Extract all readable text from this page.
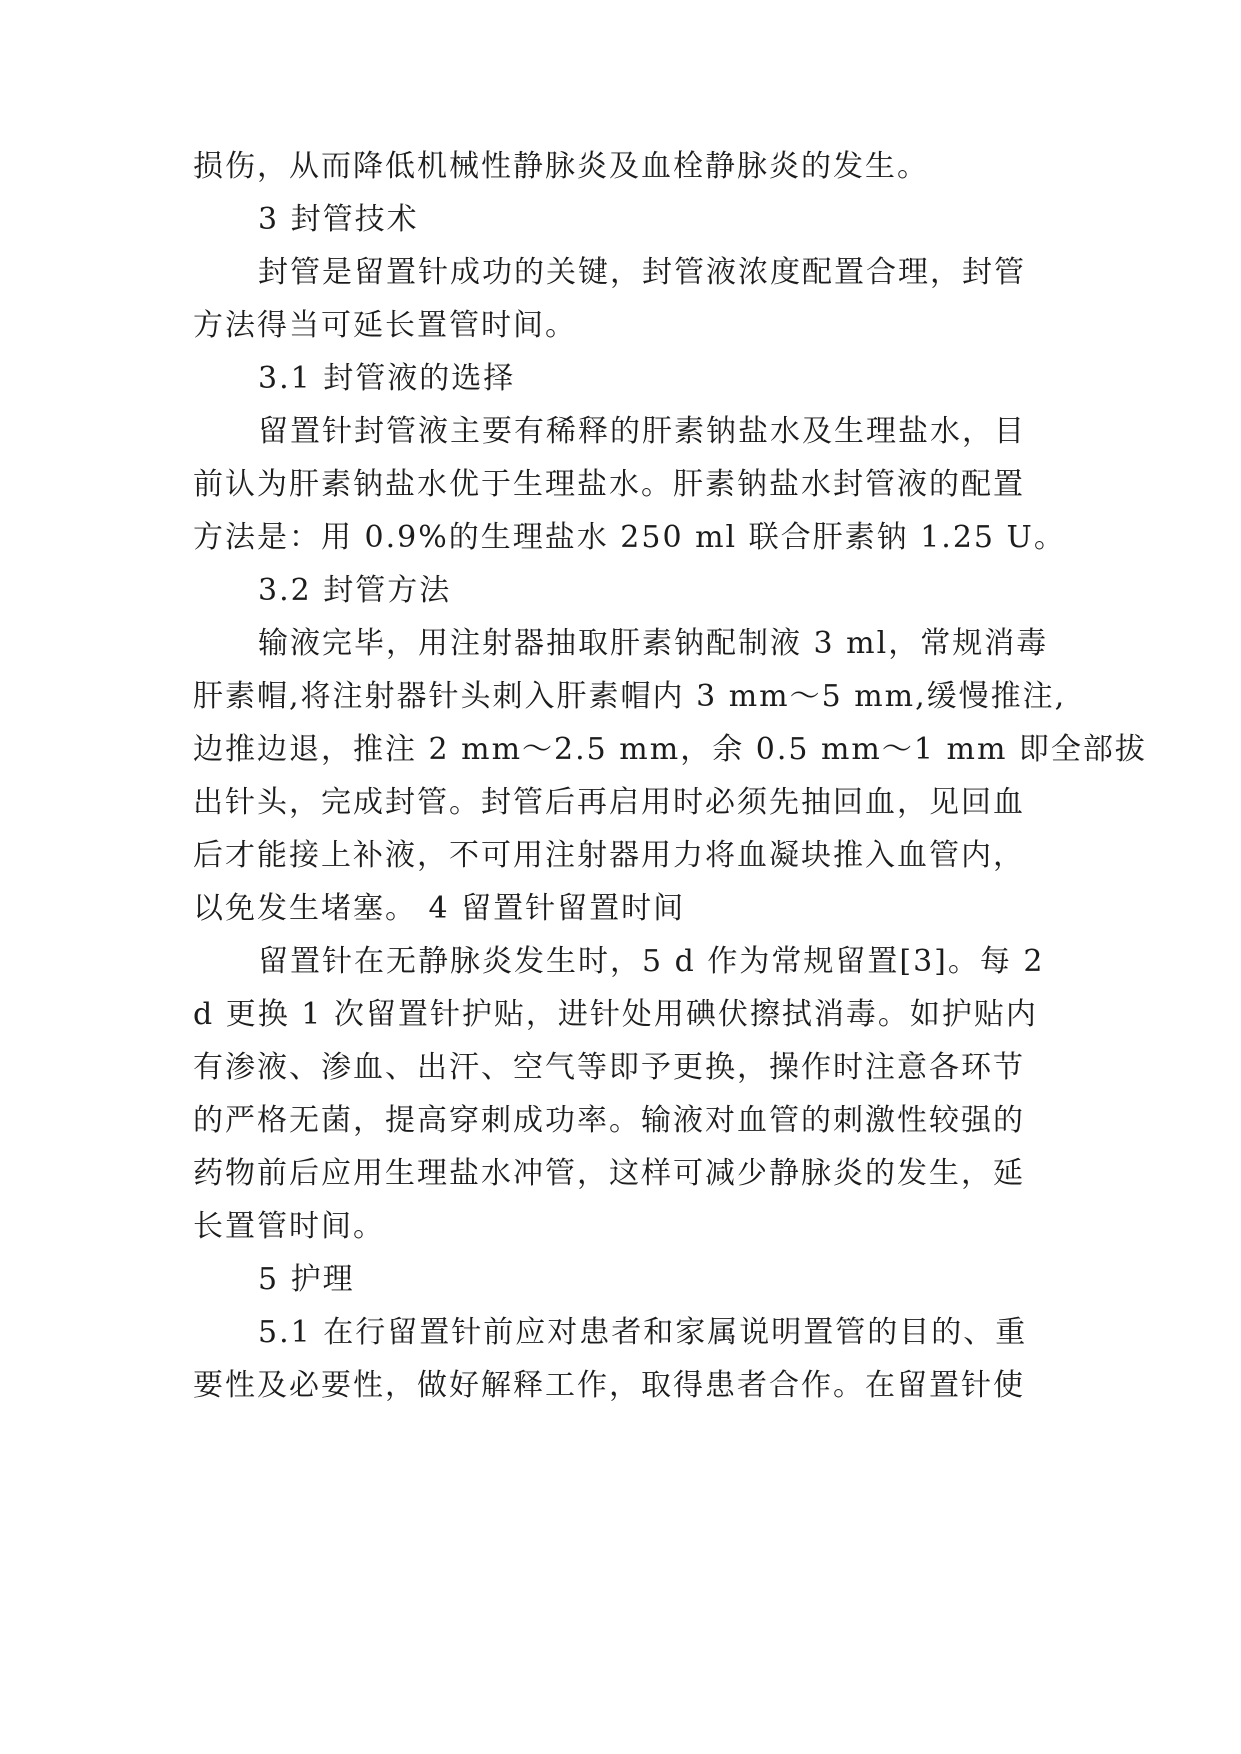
损伤，从而降低机械性静脉炎及血栓静脉炎的发生。
3 封管技术
封管是留置针成功的关键，封管液浓度配置合理，封管
方法得当可延长置管时间。
3.1 封管液的选择
留置针封管液主要有稀释的肝素钠盐水及生理盐水，目
前认为肝素钠盐水优于生理盐水。肝素钠盐水封管液的配置
方法是：用 0.9%的生理盐水 250 ml 联合肝素钠 1.25 U。
3.2 封管方法
输液完毕，用注射器抽取肝素钠配制液 3 ml，常规消毒
肝素帽,将注射器针头刺入肝素帽内 3 mm～5 mm,缓慢推注,
边推边退，推注 2 mm～2.5 mm，余 0.5 mm～1 mm 即全部拔
出针头，完成封管。封管后再启用时必须先抽回血，见回血
后才能接上补液，不可用注射器用力将血凝块推入血管内，
以免发生堵塞。 4 留置针留置时间
留置针在无静脉炎发生时，5 d 作为常规留置[3]。每 2
d 更换 1 次留置针护贴，进针处用碘伏擦拭消毒。如护贴内
有渗液、渗血、出汗、空气等即予更换，操作时注意各环节
的严格无菌，提高穿刺成功率。输液对血管的刺激性较强的
药物前后应用生理盐水冲管，这样可减少静脉炎的发生，延
长置管时间。
5 护理
5.1 在行留置针前应对患者和家属说明置管的目的、重
要性及必要性，做好解释工作，取得患者合作。在留置针使
